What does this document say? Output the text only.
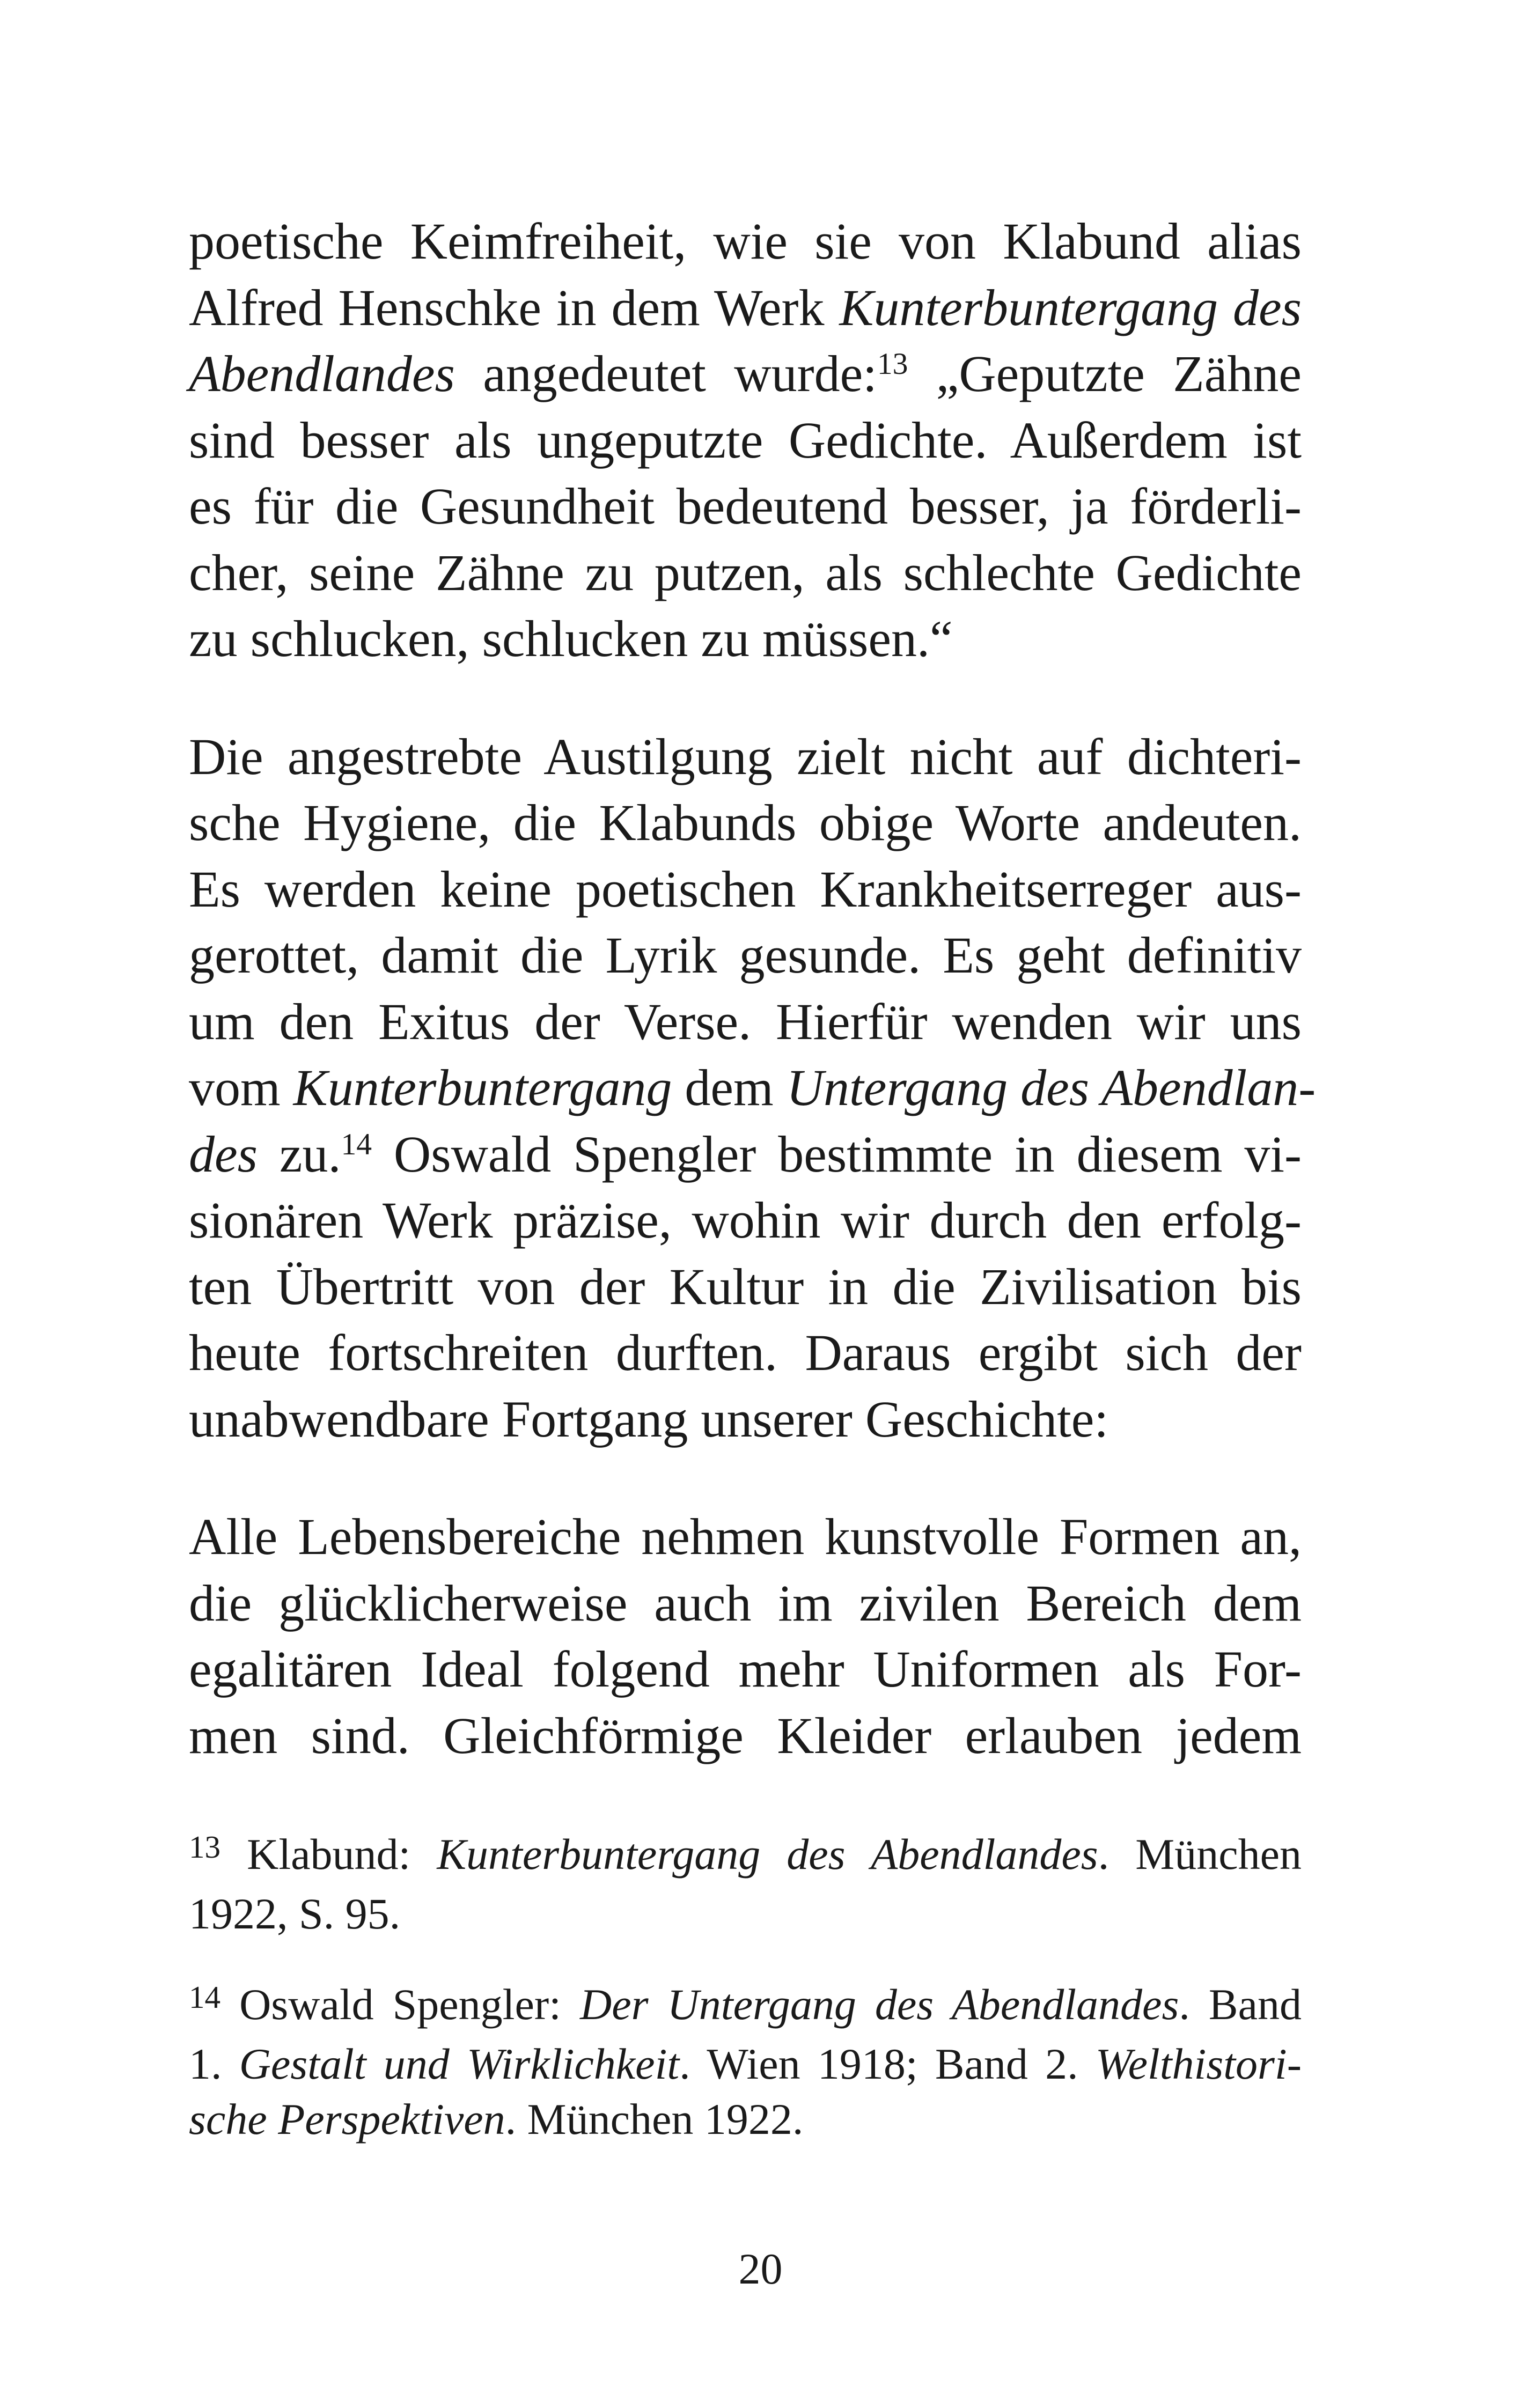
poetische Keimfreiheit, wie sie von Klabund alias
Alfred Henschke in dem Werk Kunterbuntergang des
Abendlandes angedeutet wurde:$^{13}$ „Geputzte Zähne
sind besser als ungeputzte Gedichte. Außerdem ist
es für die Gesundheit bedeutend besser, ja förderli-
cher, seine Zähne zu putzen, als schlechte Gedichte
zu schlucken, schlucken zu müssen.“
Die angestrebte Austilgung zielt nicht auf dichteri-
sche Hygiene, die Klabunds obige Worte andeuten.
Es werden keine poetischen Krankheitserreger aus-
gerottet, damit die Lyrik gesunde. Es geht definitiv
um den Exitus der Verse. Hierfür wenden wir uns
vom Kunterbuntergang dem Untergang des Abendlan-
des zu.$^{14}$ Oswald Spengler bestimmte in diesem vi-
sionären Werk präzise, wohin wir durch den erfolg-
ten Übertritt von der Kultur in die Zivilisation bis
heute fortschreiten durften. Daraus ergibt sich der
unabwendbare Fortgang unserer Geschichte:
Alle Lebensbereiche nehmen kunstvolle Formen an,
die glücklicherweise auch im zivilen Bereich dem
egalitären Ideal folgend mehr Uniformen als For-
men sind. Gleichförmige Kleider erlauben jedem
$^{13}$ Klabund: Kunterbuntergang des Abendlandes. München
1922, S. 95.
$^{14}$ Oswald Spengler: Der Untergang des Abendlandes. Band
1. Gestalt und Wirklichkeit. Wien 1918; Band 2. Welthistori-
sche Perspektiven. München 1922.
20
